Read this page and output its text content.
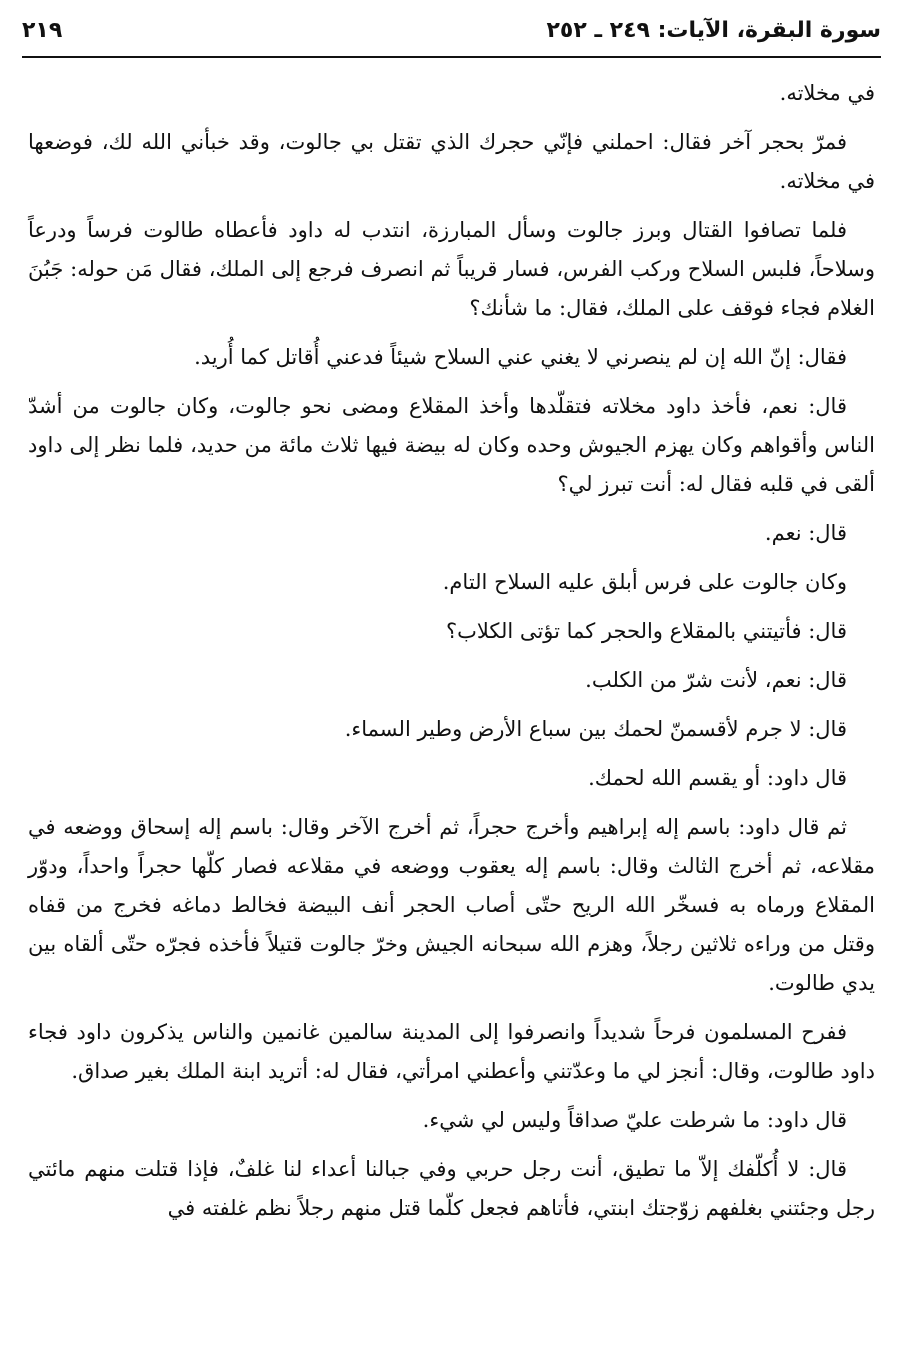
سورة البقرة، الآيات: ٢٤٩ ـ ٢٥٢
٢١٩

في مخلاته.

فمرّ بحجر آخر فقال: احملني فإنّي حجرك الذي تقتل بي جالوت، وقد خبأني الله لك، فوضعها في مخلاته.

فلما تصافوا القتال وبرز جالوت وسأل المبارزة، انتدب له داود فأعطاه طالوت فرساً ودرعاً وسلاحاً، فلبس السلاح وركب الفرس، فسار قريباً ثم انصرف فرجع إلى الملك، فقال مَن حوله: جَبُنَ الغلام فجاء فوقف على الملك، فقال: ما شأنك؟

فقال: إنّ الله إن لم ينصرني لا يغني عني السلاح شيئاً فدعني أُقاتل كما أُريد.

قال: نعم، فأخذ داود مخلاته فتقلّدها وأخذ المقلاع ومضى نحو جالوت، وكان جالوت من أشدّ الناس وأقواهم وكان يهزم الجيوش وحده وكان له بيضة فيها ثلاث مائة من حديد، فلما نظر إلى داود ألقى في قلبه فقال له: أنت تبرز لي؟

قال: نعم.

وكان جالوت على فرس أبلق عليه السلاح التام.

قال: فأتيتني بالمقلاع والحجر كما تؤتى الكلاب؟

قال: نعم، لأنت شرّ من الكلب.

قال: لا جرم لأقسمنّ لحمك بين سباع الأرض وطير السماء.

قال داود: أو يقسم الله لحمك.

ثم قال داود: باسم إله إبراهيم وأخرج حجراً، ثم أخرج الآخر وقال: باسم إله إسحاق ووضعه في مقلاعه، ثم أخرج الثالث وقال: باسم إله يعقوب ووضعه في مقلاعه فصار كلّها حجراً واحداً، ودوّر المقلاع ورماه به فسخّر الله الريح حتّى أصاب الحجر أنف البيضة فخالط دماغه فخرج من قفاه وقتل من وراءه ثلاثين رجلاً، وهزم الله سبحانه الجيش وخرّ جالوت قتيلاً فأخذه فجرّه حتّى ألقاه بين يدي طالوت.

ففرح المسلمون فرحاً شديداً وانصرفوا إلى المدينة سالمين غانمين والناس يذكرون داود فجاء داود طالوت، وقال: أنجز لي ما وعدّتني وأعطني امرأتي، فقال له: أتريد ابنة الملك بغير صداق.

قال داود: ما شرطت عليّ صداقاً وليس لي شيء.

قال: لا أُكلّفك إلاّ ما تطيق، أنت رجل حربي وفي جبالنا أعداء لنا غلفٌ، فإذا قتلت منهم مائتي رجل وجئتني بغلفهم زوّجتك ابنتي، فأتاهم فجعل كلّما قتل منهم رجلاً نظم غلفته في
